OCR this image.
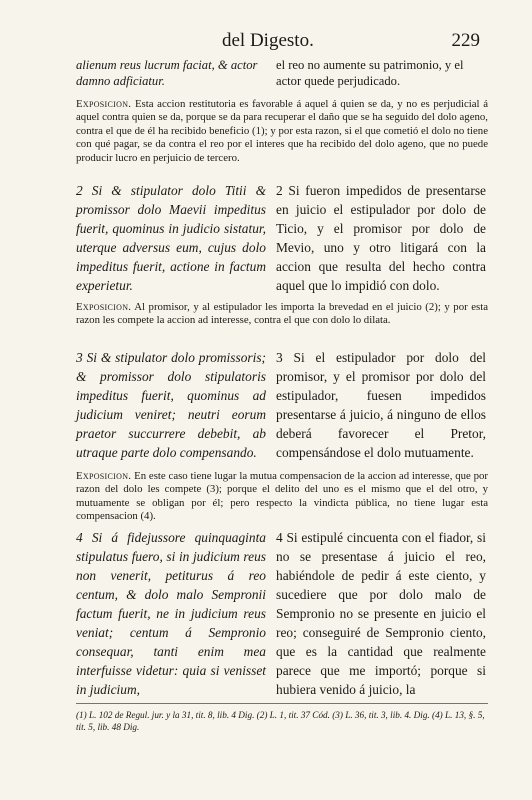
del Digesto.	229

alienum reus lucrum faciat, & actor damno adficiatur.

el reo no aumente su patrimonio, y el actor quede perjudicado.

Exposicion. Esta accion restitutoria es favorable á aquel á quien se da, y no es perjudicial á aquel contra quien se da, porque se da para recuperar el daño que se ha seguido del dolo ageno, contra el que de él ha recibido beneficio (1); y por esta razon, si el que cometió el dolo no tiene con qué pagar, se da contra el reo por el interes que ha recibido del dolo ageno, que no puede producir lucro en perjuicio de tercero.

2 Si & stipulator dolo Titii & promissor dolo Maevii impeditus fuerit, quominus in judicio sistatur, uterque adversus eum, cujus dolo impeditus fuerit, actione in factum experietur.

2 Si fueron impedidos de presentarse en juicio el estipulador por dolo de Ticio, y el promisor por dolo de Mevio, uno y otro litigará con la accion que resulta del hecho contra aquel que lo impidió con dolo.

Exposicion. Al promisor, y al estipulador les importa la brevedad en el juicio (2); y por esta razon les compete la accion ad interesse, contra el que con dolo lo dilata.

3 Si & stipulator dolo promissoris; & promissor dolo stipulatoris impeditus fuerit, quominus ad judicium veniret; neutri eorum praetor succurrere debebit, ab utraque parte dolo compensando.

3 Si el estipulador por dolo del promisor, y el promisor por dolo del estipulador, fuesen impedidos presentarse á juicio, á ninguno de ellos deberá favorecer el Pretor, compensándose el dolo mutuamente.

Exposicion. En este caso tiene lugar la mutua compensacion de la accion ad interesse, que por razon del dolo les compete (3); porque el delito del uno es el mismo que el del otro, y mutuamente se obligan por él; pero respecto la vindicta pública, no tiene lugar esta compensacion (4).

4 Si á fidejussore quinquaginta stipulatus fuero, si in judicium reus non venerit, petiturus á reo centum, & dolo malo Sempronii factum fuerit, ne in judicium reus veniat; centum á Sempronio consequar, tanti enim mea interfuisse videtur: quia si venisset in judicium,

4 Si estipulé cincuenta con el fiador, si no se presentase á juicio el reo, habiéndole de pedir á este ciento, y sucediere que por dolo malo de Sempronio no se presente en juicio el reo; conseguiré de Sempronio ciento, que es la cantidad que realmente parece que me importó; porque si hubiera venido á juicio, la

(1) L. 102 de Regul. jur. y la 31, tit. 8, lib. 4 Dig. (2) L. 1, tit. 37 Cód. (3) L. 36, tit. 3, lib. 4. Dig. (4) L. 13, §. 5, tit. 5, lib. 48 Dig.
